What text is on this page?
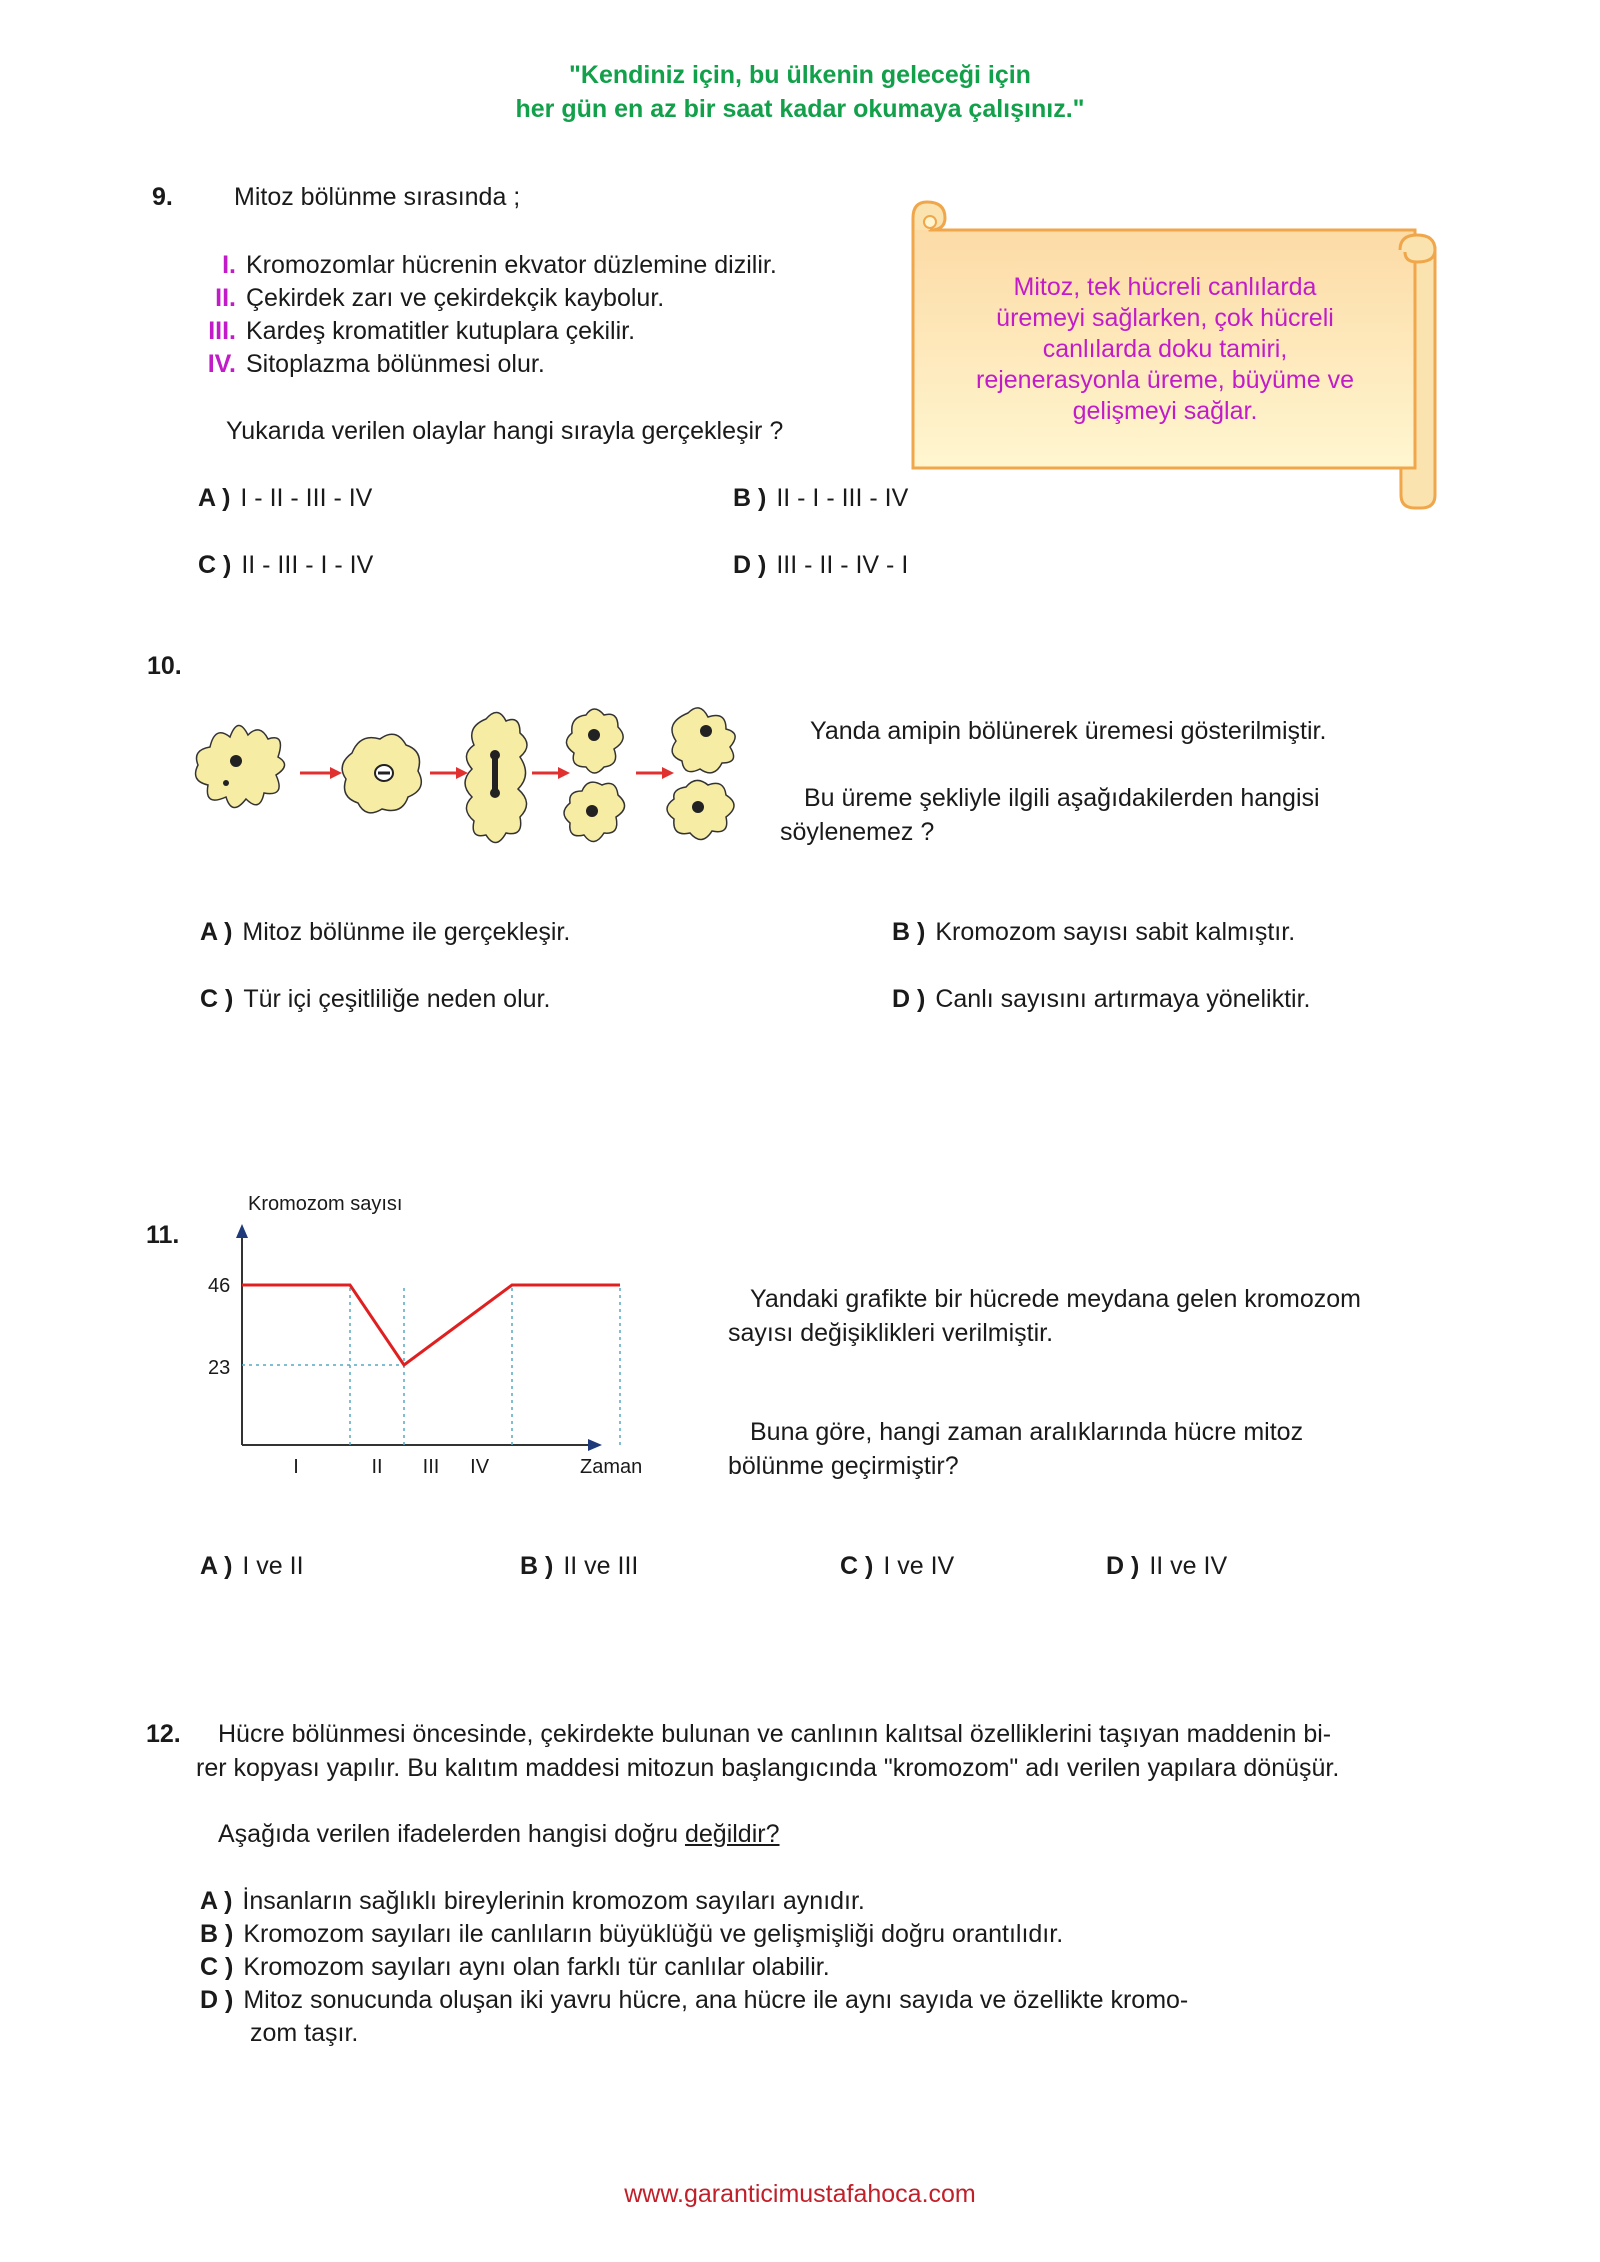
"Kendiniz için, bu ülkenin geleceği için
her gün en az bir saat kadar okumaya çalışınız."
9. Mitoz bölünme sırasında ;
I. Kromozomlar hücrenin ekvator düzlemine dizilir.
II. Çekirdek zarı ve çekirdekçik kaybolur.
III. Kardeş kromatitler kutuplara çekilir.
IV. Sitoplazma bölünmesi olur.
Yukarıda verilen olaylar hangi sırayla gerçekleşir ?
A ) I - II - III - IV	B ) II - I - III - IV
C ) II - III - I - IV	D ) III - II - IV - I
Mitoz, tek hücreli canlılarda
üremeyi sağlarken, çok hücreli
canlılarda doku tamiri,
rejenerasyonla üreme, büyüme ve
gelişmeyi sağlar.
10.
Yanda amipin bölünerek üremesi gösterilmiştir.
Bu üreme şekliyle ilgili aşağıdakilerden hangisi
söylenemez ?
A ) Mitoz bölünme ile gerçekleşir.	B ) Kromozom sayısı sabit kalmıştır.
C ) Tür içi çeşitliliğe neden olur.	D ) Canlı sayısını artırmaya yöneliktir.
11.
Kromozom sayısı
Zaman
46
23
I	II III IV
Yandaki grafikte bir hücrede meydana gelen kromozom
sayısı değişiklikleri verilmiştir.
Buna göre, hangi zaman aralıklarında hücre mitoz
bölünme geçirmiştir?
A ) I ve II	B ) II ve III	C ) I ve IV	D ) II ve IV
12. Hücre bölünmesi öncesinde, çekirdekte bulunan ve canlının kalıtsal özelliklerini taşıyan maddenin bi-
rer kopyası yapılır. Bu kalıtım maddesi mitozun başlangıcında "kromozom" adı verilen yapılara dönüşür.
Aşağıda verilen ifadelerden hangisi doğru değildir?
A ) İnsanların sağlıklı bireylerinin kromozom sayıları aynıdır.
B ) Kromozom sayıları ile canlıların büyüklüğü ve gelişmişliği doğru orantılıdır.
C ) Kromozom sayıları aynı olan farklı tür canlılar olabilir.
D ) Mitoz sonucunda oluşan iki yavru hücre, ana hücre ile aynı sayıda ve özellikte kromo-
zom taşır.
www.garanticimustafahoca.com
